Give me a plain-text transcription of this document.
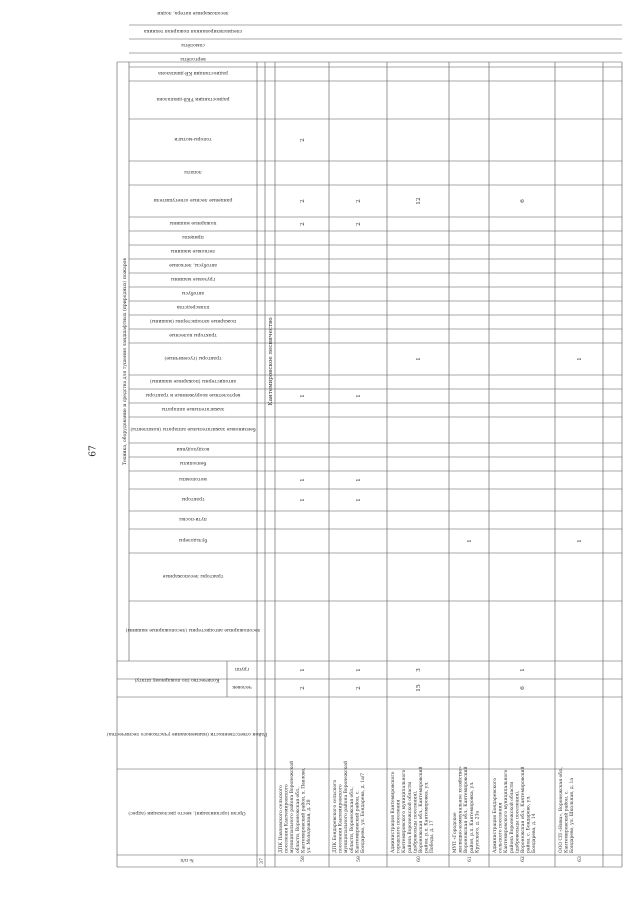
67	Техника, оборудование и средства для тушения ландшафтных (природных) пожаров
Количество (по пожарному штату)
человек
групп
№ п/п
Орган (организация), место дислокации (адрес)
Район ответственности (наименование участкового лесничества)
лесопожарные автоцистерны (лесопожарные машины)
тракторы лесопожарные
бульдозеры
пути-посвы
тракторы
мотопомпы
бензопилы
воздуходувки
бензиновые зажигательные аппараты (комплекты)
зажигательные аппараты
вертолетные вооруженные и тракторы
автоцистерны (пожарные машины)
тракторы (гусеничные)
тракторы колесные
пожарные автоцистерны (машины)
плавсредства
автобусы
грузовые машины
автобусы, легковые
легковые машины
прицепы
пожарные машины
ранцевые лесные огнетушители
лопаты
топоры-мотыги
радиостанции УКВ-диапазона
радиостанции КВ-диапазона
вертолёты
самолёты
специализированная пожарная техника
лесопожарные катера, лодки
37
Кантемировское лесничество
58
ДПК Павловского сельского поселения Кантемировского муниципального района Воронежской области, Воронежская обл., Кантемировский район, х. Павлово, ул. Молодежная, д. 28
2
1
1
1
1
2
2
2
59
ДПК Бондаревского сельского поселения Кантемировского муниципального района Воронежской области, Воронежская обл., Кантемировский район, с. Бондарево, ул. Бондарева, д. 1а/7
2
1
1
1
1
2
2
60
Администрация Кантемировского городского поселения Кантемировского муниципального района Воронежской области (добровольцы поселения), Воронежская обл., Кантемировский район, р.п. Кантемировка, ул. Победы, д. 17
15
3
1
12
61
МУП «Городское жилищно-коммунальное хозяйство» Воронежская обл., Кантемировский район, р.п. Кантемировка, ул. Крупского, д. 23а
1
62
Администрация Бондаревского сельского поселения Кантемировского муниципального района Воронежской области (добровольцы поселения), Воронежская обл., Кантемировский район, с. Бондарево, ул. Бондарева, д. 14
6
1
6
63
ООО СП «Нива», Воронежская обл., Кантемировский район, с. Бондарево, ул. Школьная, д. 1а
1
1
